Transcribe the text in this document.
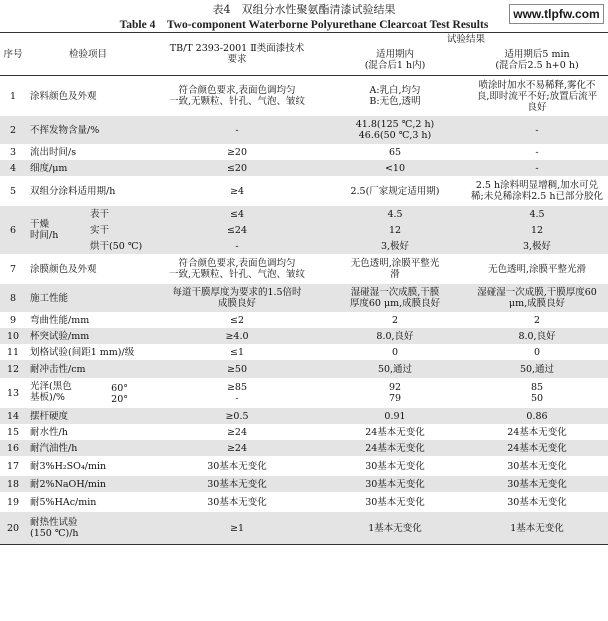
表4　双组分水性聚氨酯清漆试验结果
Table 4　Two-component Waterborne Polyurethane Clearcoat Test Results
www.tlpfw.com
序号	检验项目	TB/T 2393-2001 Ⅱ类面漆技术
要求	试验结果	

			适用期内
(混合后1 h内)	适用期后5 min
(混合后2.5 h+0 h)

1	涂料颜色及外观	符合颜色要求,表面色调均匀
一致,无颗粒、针孔、气泡、皱纹	A:乳白,均匀
B:无色,透明	喷涂时加水不易稀释,雾化不
良,即时流平不好;放置后流平
良好

2	不挥发物含量/%	-	41.8(125 ℃,2 h)
46.6(50 ℃,3 h)	-

3	流出时间/s	≥20	65	-

4	细度/μm	≤20	<10	-

5	双组分涂料适用期/h	≥4	2.5(厂家规定适用期)	2.5 h涂料明显增稠,加水可兑
稀;未兑稀涂料2.5 h已部分胶化

6	干燥
时间/h	表干 ≤4	4.5	4.5

		实干 ≤24	12	12

		烘干(50 ℃) -	3,极好	3,极好
7	涂膜颜色及外观	符合颜色要求,表面色调均匀
一致,无颗粒、针孔、气泡、皱纹	无色透明,涂膜平整光
滑	无色透明,涂膜平整光滑

8	施工性能	每道干膜厚度为要求的1.5倍时
成膜良好	湿碰湿一次成膜,干膜
厚度60 μm,成膜良好	湿碰湿一次成膜,干膜厚度60
μm,成膜良好

9	弯曲性能/mm	≤2	2	2

10	杯突试验/mm	≥4.0	8.0,良好	8.0,良好

11	划格试验(间距1 mm)/级	≤1	0	0

12	耐冲击性/cm	≥50	50,通过	50,通过

13	光泽(黑色
基板)/%
60°
20°	≥85
-	92
79	85
50

14	摆杆硬度	≥0.5	0.91	0.86

15	耐水性/h	≥24	24基本无变化	24基本无变化

16	耐汽油性/h	≥24	24基本无变化	24基本无变化

17	耐3%H₂SO₄/min	30基本无变化	30基本无变化	30基本无变化

18	耐2%NaOH/min	30基本无变化	30基本无变化	30基本无变化

19	耐5%HAc/min	30基本无变化	30基本无变化	30基本无变化

20	耐热性试验
(150 ℃)/h	≥1	1基本无变化	1基本无变化
